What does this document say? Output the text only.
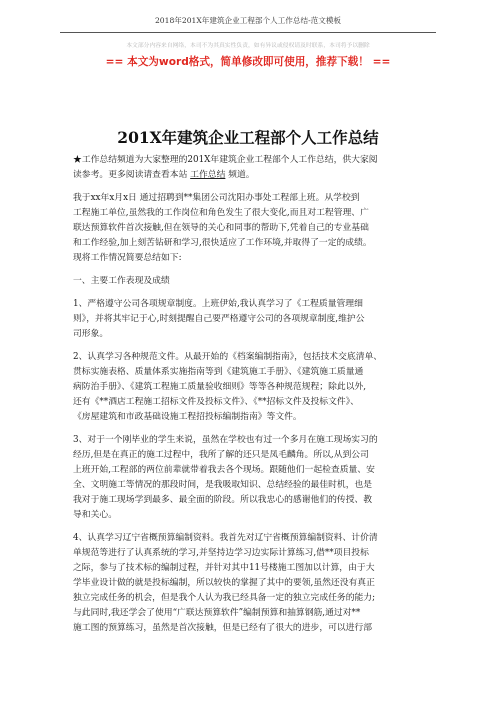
2018年201X年建筑企业工程部个人工作总结-范文模板
本文部分内容来自网络，本司不为其真实性负责，如有异议或侵权请及时联系，本司将予以删除
== 本文为word格式，简单修改即可使用，推荐下载！ ==
201X年建筑企业工程部个人工作总结

★工作总结频道为大家整理的201X年建筑企业工程部个人工作总结，供大家阅

读参考。更多阅读请查看本站 工作总结 频道。

我于xx年x月x日 通过招聘到**集团公司沈阳办事处工程部上班。从学校到

工程施工单位,虽然我的工作岗位和角色发生了很大变化,而且对工程管理、广

联达预算软件首次接触,但在领导的关心和同事的帮助下,凭着自己的专业基础

和工作经验,加上刻苦钻研和学习,很快适应了工作环境,并取得了一定的成绩。

现将工作情况简要总结如下:

一、主要工作表现及成绩

1、严格遵守公司各项规章制度。上班伊始,我认真学习了《工程质量管理细

则》，并将其牢记于心,时刻提醒自己要严格遵守公司的各项规章制度,维护公

司形象。

2、认真学习各种规范文件。从最开始的《档案编制指南》，包括技术交底清单、

贯标实施表格、质量体系实施指南等到《建筑施工手册》、《建筑施工质量通

病防治手册》、《建筑工程施工质量验收细则》等等各种规范规程；除此以外,

还有《**酒店工程施工招标文件及投标文件》、《**招标文件及投标文件》、

《房屋建筑和市政基础设施工程招投标编制指南》等文件。

3、对于一个刚毕业的学生来说，虽然在学校也有过一个多月在施工现场实习的

经历,但是在真正的施工过程中，我所了解的还只是凤毛麟角。所以,从到公司

上班开始,工程部的两位前辈就带着我去各个现场。跟随他们一起检查质量、安

全、文明施工等情况的那段时间，是我吸取知识、总结经验的最佳时机，也是

我对于施工现场学到最多、最全面的阶段。所以我忠心的感谢他们的传授、教

导和关心。

4、认真学习辽宁省概预算编制资料。我首先对辽宁省概预算编制资料、计价清

单规范等进行了认真系统的学习,并坚持边学习边实际计算练习,借**项目投标

之际，参与了技术标的编制过程，并针对其中11号楼施工图加以计算，由于大

学毕业设计做的就是投标编制，所以较快的掌握了其中的要领,虽然还没有真正

独立完成任务的机会，但是我个人认为我已经具备一定的独立完成任务的能力;

与此同时,我还学会了使用“广联达预算软件”编制预算和抽算钢筋,通过对**

施工图的预算练习，虽然是首次接触，但是已经有了很大的进步，可以进行部
